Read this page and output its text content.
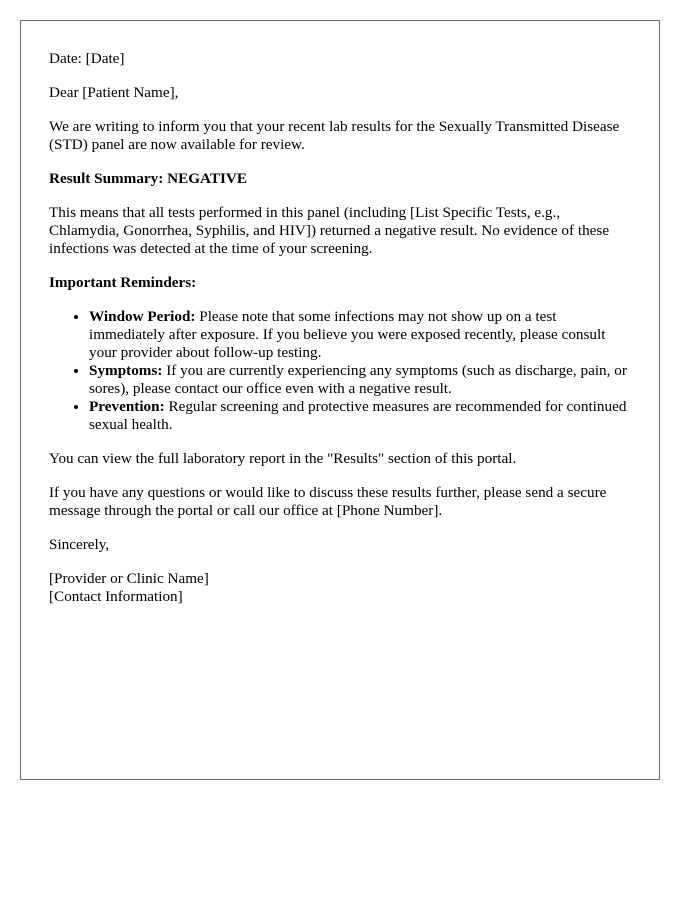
Date: [Date]

Dear [Patient Name],

We are writing to inform you that your recent lab results for the Sexually Transmitted Disease (STD) panel are now available for review.

Result Summary: NEGATIVE

This means that all tests performed in this panel (including [List Specific Tests, e.g., Chlamydia, Gonorrhea, Syphilis, and HIV]) returned a negative result. No evidence of these infections was detected at the time of your screening.

Important Reminders:

• Window Period: Please note that some infections may not show up on a test immediately after exposure. If you believe you were exposed recently, please consult your provider about follow-up testing.
• Symptoms: If you are currently experiencing any symptoms (such as discharge, pain, or sores), please contact our office even with a negative result.
• Prevention: Regular screening and protective measures are recommended for continued sexual health.

You can view the full laboratory report in the "Results" section of this portal.

If you have any questions or would like to discuss these results further, please send a secure message through the portal or call our office at [Phone Number].

Sincerely,

[Provider or Clinic Name]
[Contact Information]
